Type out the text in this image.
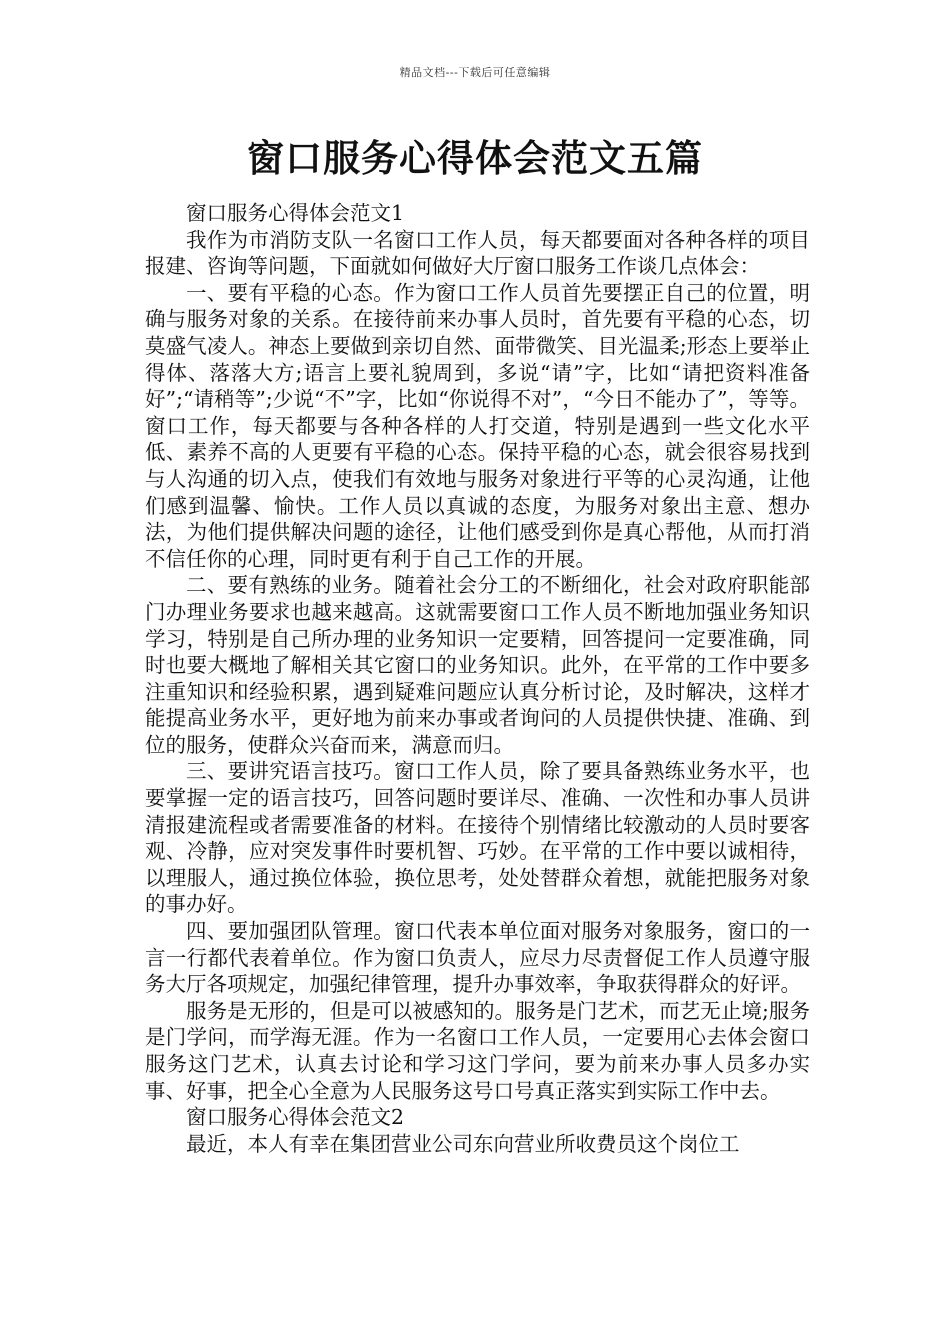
精品文档---下载后可任意编辑
窗口服务心得体会范文五篇

窗口服务心得体会范文1

我作为市消防支队一名窗口工作人员，每天都要面对各种各样的项目报建、咨询等问题，下面就如何做好大厅窗口服务工作谈几点体会：

一、要有平稳的心态。作为窗口工作人员首先要摆正自己的位置，明确与服务对象的关系。在接待前来办事人员时，首先要有平稳的心态，切莫盛气凌人。神态上要做到亲切自然、面带微笑、目光温柔;形态上要举止得体、落落大方;语言上要礼貌周到，多说“请”字，比如“请把资料准备好”;“请稍等”;少说“不”字，比如“你说得不对”，“今日不能办了”，等等。窗口工作，每天都要与各种各样的人打交道，特别是遇到一些文化水平低、素养不高的人更要有平稳的心态。保持平稳的心态，就会很容易找到与人沟通的切入点，使我们有效地与服务对象进行平等的心灵沟通，让他们感到温馨、愉快。工作人员以真诚的态度，为服务对象出主意、想办法，为他们提供解决问题的途径，让他们感受到你是真心帮他，从而打消不信任你的心理，同时更有利于自己工作的开展。

二、要有熟练的业务。随着社会分工的不断细化，社会对政府职能部门办理业务要求也越来越高。这就需要窗口工作人员不断地加强业务知识学习，特别是自己所办理的业务知识一定要精，回答提问一定要准确，同时也要大概地了解相关其它窗口的业务知识。此外，在平常的工作中要多注重知识和经验积累，遇到疑难问题应认真分析讨论，及时解决，这样才能提高业务水平，更好地为前来办事或者询问的人员提供快捷、准确、到位的服务，使群众兴奋而来，满意而归。

三、要讲究语言技巧。窗口工作人员，除了要具备熟练业务水平，也要掌握一定的语言技巧，回答问题时要详尽、准确、一次性和办事人员讲清报建流程或者需要准备的材料。在接待个别情绪比较激动的人员时要客观、冷静，应对突发事件时要机智、巧妙。在平常的工作中要以诚相待，以理服人，通过换位体验，换位思考，处处替群众着想，就能把服务对象的事办好。

四、要加强团队管理。窗口代表本单位面对服务对象服务，窗口的一言一行都代表着单位。作为窗口负责人，应尽力尽责督促工作人员遵守服务大厅各项规定，加强纪律管理，提升办事效率，争取获得群众的好评。

服务是无形的，但是可以被感知的。服务是门艺术，而艺无止境;服务是门学问，而学海无涯。作为一名窗口工作人员，一定要用心去体会窗口服务这门艺术，认真去讨论和学习这门学问，要为前来办事人员多办实事、好事，把全心全意为人民服务这号口号真正落实到实际工作中去。

窗口服务心得体会范文2

最近，本人有幸在集团营业公司东向营业所收费员这个岗位工
